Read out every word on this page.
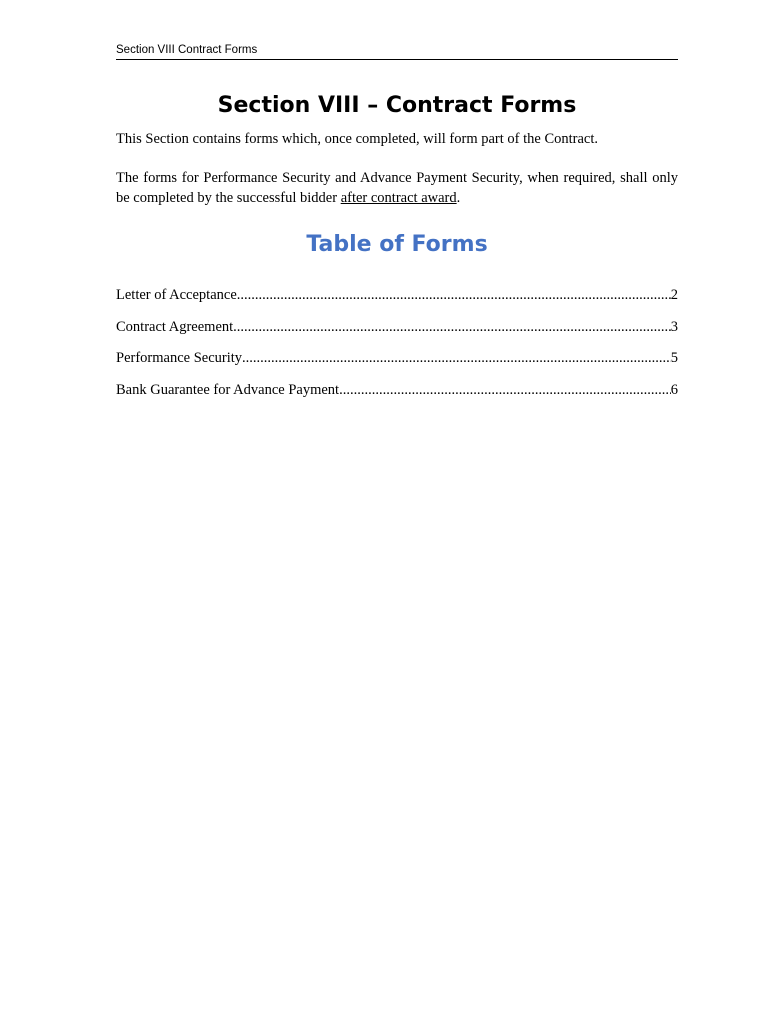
Section VIII Contract Forms
Section VIII – Contract Forms

This Section contains forms which, once completed, will form part of the Contract.

The forms for Performance Security and Advance Payment Security, when required, shall only be completed by the successful bidder after contract award.

Table of Forms
Letter of Acceptance .....	2
Contract Agreement .....	3
Performance Security .....	5
Bank Guarantee for Advance Payment .....	6
